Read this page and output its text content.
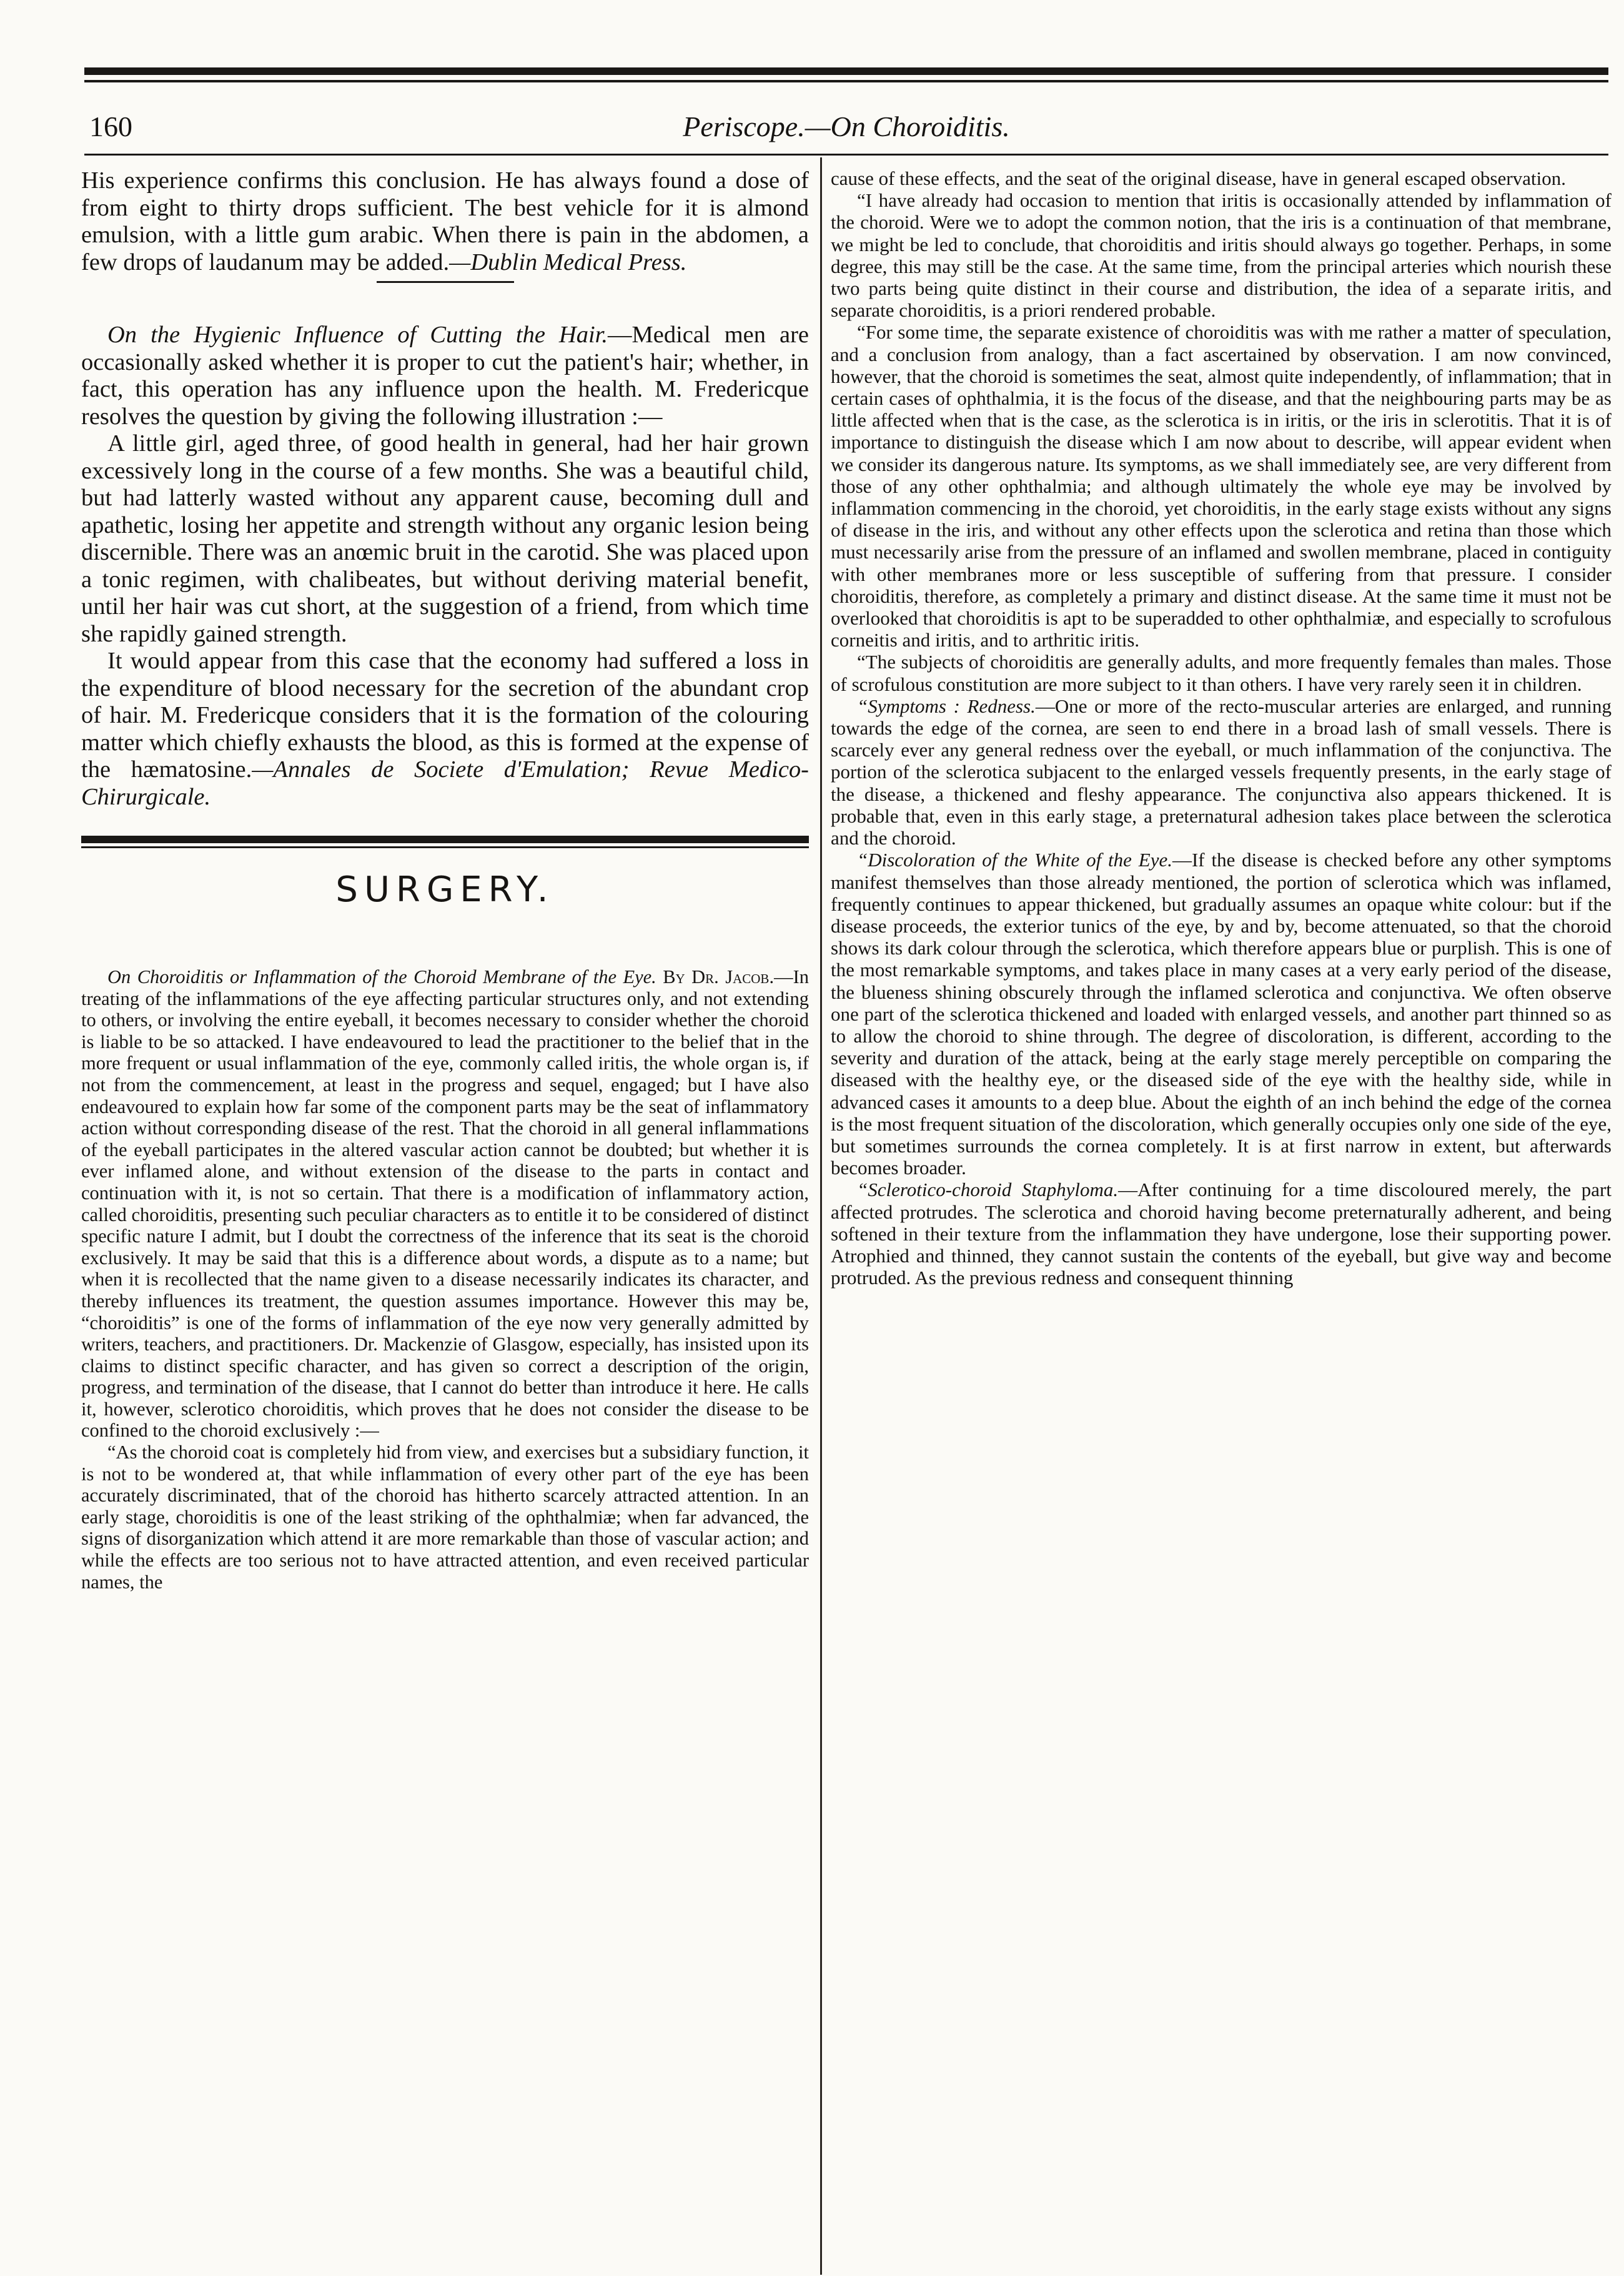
160	Periscope.—On Choroiditis.

His experience confirms this conclusion. He has always found a dose of from eight to thirty drops sufficient. The best vehicle for it is almond emulsion, with a little gum arabic. When there is pain in the abdomen, a few drops of laudanum may be added.—Dublin Medical Press.

On the Hygienic Influence of Cutting the Hair.—Medical men are occasionally asked whether it is proper to cut the patient's hair; whether, in fact, this operation has any influence upon the health. M. Fredericque resolves the question by giving the following illustration :—

A little girl, aged three, of good health in general, had her hair grown excessively long in the course of a few months. She was a beautiful child, but had latterly wasted without any apparent cause, becoming dull and apathetic, losing her appetite and strength without any organic lesion being discernible. There was an anœmic bruit in the carotid. She was placed upon a tonic regimen, with chalibeates, but without deriving material benefit, until her hair was cut short, at the suggestion of a friend, from which time she rapidly gained strength.

It would appear from this case that the economy had suffered a loss in the expenditure of blood necessary for the secretion of the abundant crop of hair. M. Fredericque considers that it is the formation of the colouring matter which chiefly exhausts the blood, as this is formed at the expense of the hæmatosine.—Annales de Societe d'Emulation; Revue Medico-Chirurgicale.

SURGERY.

On Choroiditis or Inflammation of the Choroid Membrane of the Eye. By Dr. Jacob.—In treating of the inflammations of the eye affecting particular structures only, and not extending to others, or involving the entire eyeball, it becomes necessary to consider whether the choroid is liable to be so attacked. I have endeavoured to lead the practitioner to the belief that in the more frequent or usual inflammation of the eye, commonly called iritis, the whole organ is, if not from the commencement, at least in the progress and sequel, engaged; but I have also endeavoured to explain how far some of the component parts may be the seat of inflammatory action without corresponding disease of the rest. That the choroid in all general inflammations of the eyeball participates in the altered vascular action cannot be doubted; but whether it is ever inflamed alone, and without extension of the disease to the parts in contact and continuation with it, is not so certain. That there is a modification of inflammatory action, called choroiditis, presenting such peculiar characters as to entitle it to be considered of distinct specific nature I admit, but I doubt the correctness of the inference that its seat is the choroid exclusively. It may be said that this is a difference about words, a dispute as to a name; but when it is recollected that the name given to a disease necessarily indicates its character, and thereby influences its treatment, the question assumes importance. However this may be, “choroiditis” is one of the forms of inflammation of the eye now very generally admitted by writers, teachers, and practitioners. Dr. Mackenzie of Glasgow, especially, has insisted upon its claims to distinct specific character, and has given so correct a description of the origin, progress, and termination of the disease, that I cannot do better than introduce it here. He calls it, however, sclerotico choroiditis, which proves that he does not consider the disease to be confined to the choroid exclusively :—

“As the choroid coat is completely hid from view, and exercises but a subsidiary function, it is not to be wondered at, that while inflammation of every other part of the eye has been accurately discriminated, that of the choroid has hitherto scarcely attracted attention. In an early stage, choroiditis is one of the least striking of the ophthalmiæ; when far advanced, the signs of disorganization which attend it are more remarkable than those of vascular action; and while the effects are too serious not to have attracted attention, and even received particular names, the

cause of these effects, and the seat of the original disease, have in general escaped observation.

“I have already had occasion to mention that iritis is occasionally attended by inflammation of the choroid. Were we to adopt the common notion, that the iris is a continuation of that membrane, we might be led to conclude, that choroiditis and iritis should always go together. Perhaps, in some degree, this may still be the case. At the same time, from the principal arteries which nourish these two parts being quite distinct in their course and distribution, the idea of a separate iritis, and separate choroiditis, is a priori rendered probable.

“For some time, the separate existence of choroiditis was with me rather a matter of speculation, and a conclusion from analogy, than a fact ascertained by observation. I am now convinced, however, that the choroid is sometimes the seat, almost quite independently, of inflammation; that in certain cases of ophthalmia, it is the focus of the disease, and that the neighbouring parts may be as little affected when that is the case, as the sclerotica is in iritis, or the iris in sclerotitis. That it is of importance to distinguish the disease which I am now about to describe, will appear evident when we consider its dangerous nature. Its symptoms, as we shall immediately see, are very different from those of any other ophthalmia; and although ultimately the whole eye may be involved by inflammation commencing in the choroid, yet choroiditis, in the early stage exists without any signs of disease in the iris, and without any other effects upon the sclerotica and retina than those which must necessarily arise from the pressure of an inflamed and swollen membrane, placed in contiguity with other membranes more or less susceptible of suffering from that pressure. I consider choroiditis, therefore, as completely a primary and distinct disease. At the same time it must not be overlooked that choroiditis is apt to be superadded to other ophthalmiæ, and especially to scrofulous corneitis and iritis, and to arthritic iritis.

“The subjects of choroiditis are generally adults, and more frequently females than males. Those of scrofulous constitution are more subject to it than others. I have very rarely seen it in children.

“Symptoms : Redness.—One or more of the recto-muscular arteries are enlarged, and running towards the edge of the cornea, are seen to end there in a broad lash of small vessels. There is scarcely ever any general redness over the eyeball, or much inflammation of the conjunctiva. The portion of the sclerotica subjacent to the enlarged vessels frequently presents, in the early stage of the disease, a thickened and fleshy appearance. The conjunctiva also appears thickened. It is probable that, even in this early stage, a preternatural adhesion takes place between the sclerotica and the choroid.

“Discoloration of the White of the Eye.—If the disease is checked before any other symptoms manifest themselves than those already mentioned, the portion of sclerotica which was inflamed, frequently continues to appear thickened, but gradually assumes an opaque white colour: but if the disease proceeds, the exterior tunics of the eye, by and by, become attenuated, so that the choroid shows its dark colour through the sclerotica, which therefore appears blue or purplish. This is one of the most remarkable symptoms, and takes place in many cases at a very early period of the disease, the blueness shining obscurely through the inflamed sclerotica and conjunctiva. We often observe one part of the sclerotica thickened and loaded with enlarged vessels, and another part thinned so as to allow the choroid to shine through. The degree of discoloration, is different, according to the severity and duration of the attack, being at the early stage merely perceptible on comparing the diseased with the healthy eye, or the diseased side of the eye with the healthy side, while in advanced cases it amounts to a deep blue. About the eighth of an inch behind the edge of the cornea is the most frequent situation of the discoloration, which generally occupies only one side of the eye, but sometimes surrounds the cornea completely. It is at first narrow in extent, but afterwards becomes broader.

“Sclerotico-choroid Staphyloma.—After continuing for a time discoloured merely, the part affected protrudes. The sclerotica and choroid having become preternaturally adherent, and being softened in their texture from the inflammation they have undergone, lose their supporting power. Atrophied and thinned, they cannot sustain the contents of the eyeball, but give way and become protruded. As the previous redness and consequent thinning
